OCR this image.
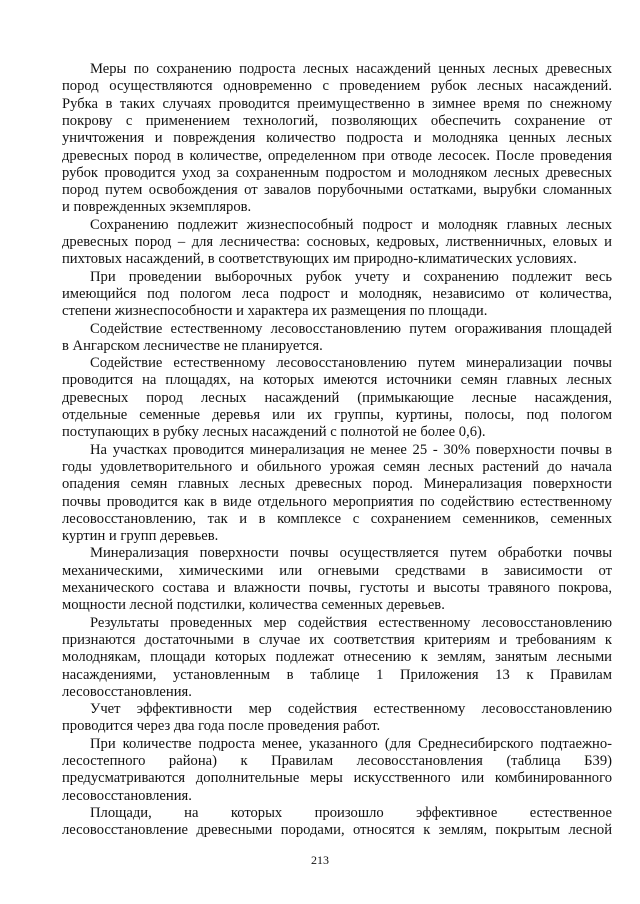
Меры по сохранению подроста лесных насаждений ценных лесных древесных
пород осуществляются одновременно с проведением рубок лесных насаждений.
Рубка в таких случаях проводится преимущественно в зимнее время по снежному
покрову с применением технологий, позволяющих обеспечить сохранение от
уничтожения и повреждения количество подроста и молодняка ценных лесных
древесных пород в количестве, определенном при отводе лесосек. После проведения
рубок проводится уход за сохраненным подростом и молодняком лесных древесных
пород путем освобождения от завалов порубочными остатками, вырубки сломанных
и поврежденных экземпляров.
Сохранению подлежит жизнеспособный подрост и молодняк главных лесных
древесных пород – для лесничества: сосновых, кедровых, лиственничных, еловых и
пихтовых насаждений, в соответствующих им природно-климатических условиях.
При проведении выборочных рубок учету и сохранению подлежит весь
имеющийся под пологом леса подрост и молодняк, независимо от количества,
степени жизнеспособности и характера их размещения по площади.
Содействие естественному лесовосстановлению путем огораживания площадей
в Ангарском лесничестве не планируется.
Содействие естественному лесовосстановлению путем минерализации почвы
проводится на площадях, на которых имеются источники семян главных лесных
древесных пород лесных насаждений (примыкающие лесные насаждения,
отдельные семенные деревья или их группы, куртины, полосы, под пологом
поступающих в рубку лесных насаждений с полнотой не более 0,6).
На участках проводится минерализация не менее 25 - 30% поверхности почвы в
годы удовлетворительного и обильного урожая семян лесных растений до начала
опадения семян главных лесных древесных пород. Минерализация поверхности
почвы проводится как в виде отдельного мероприятия по содействию естественному
лесовосстановлению, так и в комплексе с сохранением семенников, семенных
куртин и групп деревьев.
Минерализация поверхности почвы осуществляется путем обработки почвы
механическими, химическими или огневыми средствами в зависимости от
механического состава и влажности почвы, густоты и высоты травяного покрова,
мощности лесной подстилки, количества семенных деревьев.
Результаты проведенных мер содействия естественному лесовосстановлению
признаются достаточными в случае их соответствия критериям и требованиям к
молоднякам, площади которых подлежат отнесению к землям, занятым лесными
насаждениями, установленным в таблице 1 Приложения 13 к Правилам
лесовосстановления.
Учет эффективности мер содействия естественному лесовосстановлению
проводится через два года после проведения работ.
При количестве подроста менее, указанного (для Среднесибирского подтаежно-
лесостепного района) к Правилам лесовосстановления (таблица Б39)
предусматриваются дополнительные меры искусственного или комбинированного
лесовосстановления.
Площади, на которых произошло эффективное естественное
лесовосстановление древесными породами, относятся к землям, покрытым лесной
213
